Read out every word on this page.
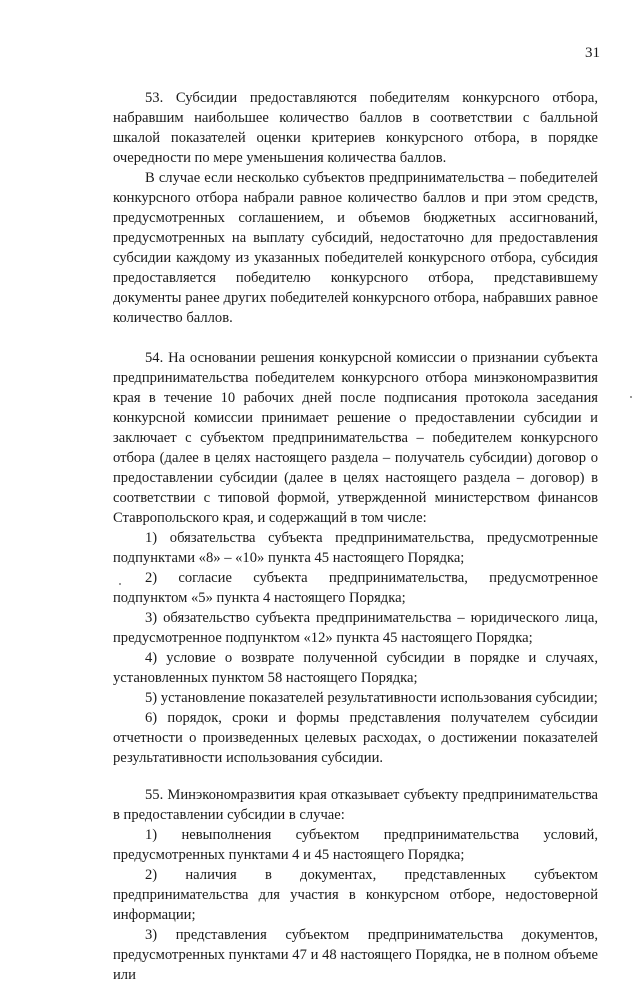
31

53. Субсидии предоставляются победителям конкурсного отбора, набравшим наибольшее количество баллов в соответствии с балльной шкалой показателей оценки критериев конкурсного отбора, в порядке очередности по мере уменьшения количества баллов.

В случае если несколько субъектов предпринимательства – победителей конкурсного отбора набрали равное количество баллов и при этом средств, предусмотренных соглашением, и объемов бюджетных ассигнований, предусмотренных на выплату субсидий, недостаточно для предоставления субсидии каждому из указанных победителей конкурсного отбора, субсидия предоставляется победителю конкурсного отбора, представившему документы ранее других победителей конкурсного отбора, набравших равное количество баллов.

54. На основании решения конкурсной комиссии о признании субъекта предпринимательства победителем конкурсного отбора минэкономразвития края в течение 10 рабочих дней после подписания протокола заседания конкурсной комиссии принимает решение о предоставлении субсидии и заключает с субъектом предпринимательства – победителем конкурсного отбора (далее в целях настоящего раздела – получатель субсидии) договор о предоставлении субсидии (далее в целях настоящего раздела – договор) в соответствии с типовой формой, утвержденной министерством финансов Ставропольского края, и содержащий в том числе:

1) обязательства субъекта предпринимательства, предусмотренные подпунктами «8» – «10» пункта 45 настоящего Порядка;

2) согласие субъекта предпринимательства, предусмотренное подпунктом «5» пункта 4 настоящего Порядка;

3) обязательство субъекта предпринимательства – юридического лица, предусмотренное подпунктом «12» пункта 45 настоящего Порядка;

4) условие о возврате полученной субсидии в порядке и случаях, установленных пунктом 58 настоящего Порядка;

5) установление показателей результативности использования субсидии;

6) порядок, сроки и формы представления получателем субсидии отчетности о произведенных целевых расходах, о достижении показателей результативности использования субсидии.

55. Минэкономразвития края отказывает субъекту предпринимательства в предоставлении субсидии в случае:

1) невыполнения субъектом предпринимательства условий, предусмотренных пунктами 4 и 45 настоящего Порядка;

2) наличия в документах, представленных субъектом предпринимательства для участия в конкурсном отборе, недостоверной информации;

3) представления субъектом предпринимательства документов, предусмотренных пунктами 47 и 48 настоящего Порядка, не в полном объеме или
